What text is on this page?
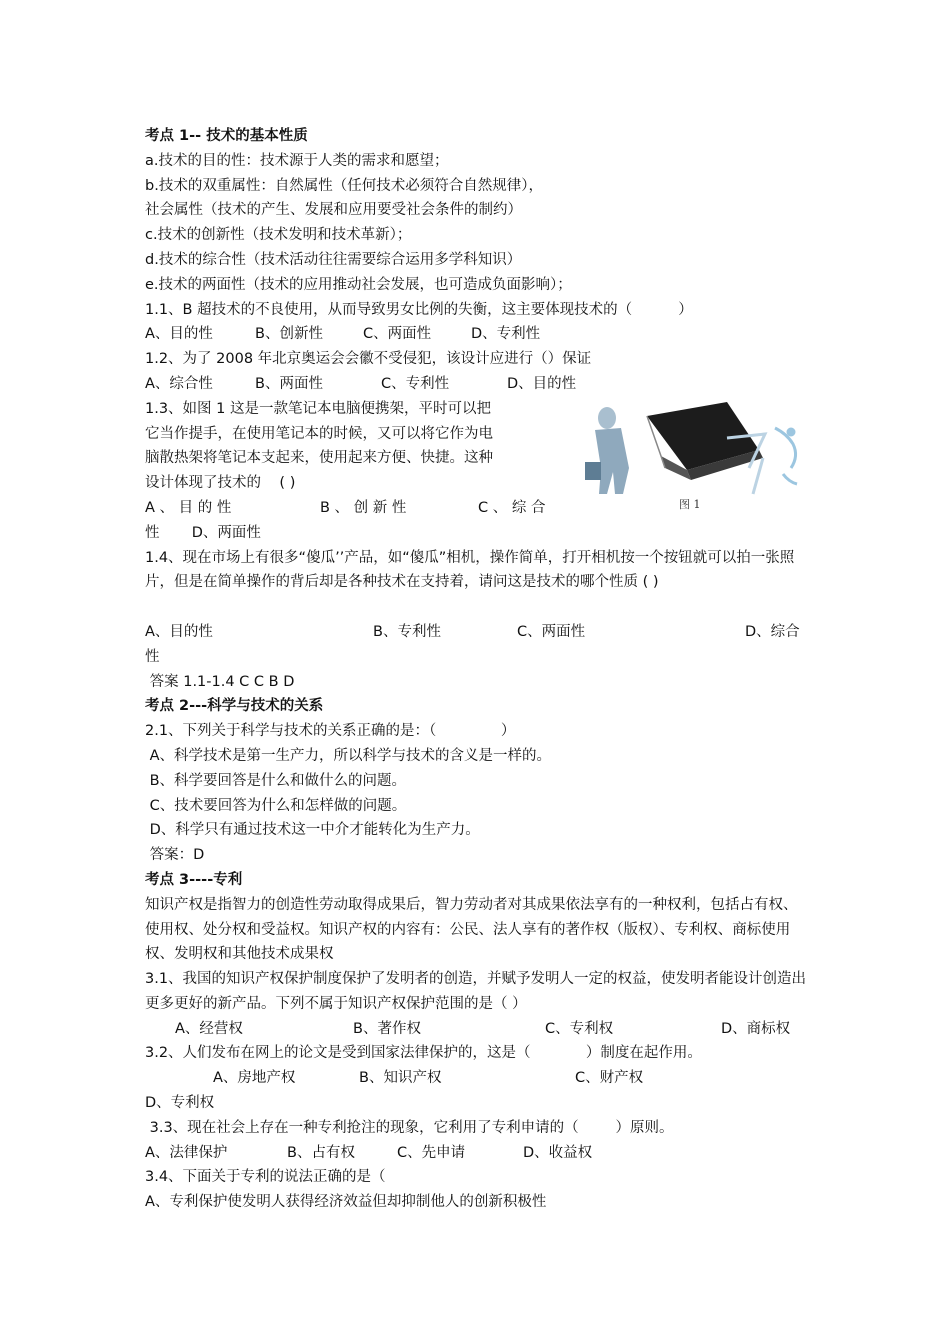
考点 1-- 技术的基本性质
a.技术的目的性：技术源于人类的需求和愿望；
b.技术的双重属性：自然属性（任何技术必须符合自然规律），
社会属性（技术的产生、发展和应用要受社会条件的制约）
c.技术的创新性（技术发明和技术革新）；
d.技术的综合性（技术活动往往需要综合运用多学科知识）
e.技术的两面性（技术的应用推动社会发展，也可造成负面影响）；
1.1、B 超技术的不良使用，从而导致男女比例的失衡，这主要体现技术的（          ）
A、目的性	B、创新性	C、两面性	D、专利性
1.2、为了 2008 年北京奥运会会徽不受侵犯，该设计应进行（）保证
A、综合性	B、两面性	C、专利性	D、目的性
1.3、如图 1 这是一款笔记本电脑便携架，平时可以把
它当作提手，在使用笔记本的时候，又可以将它作为电
脑散热架将笔记本支起来，使用起来方便、快捷。这种
设计体现了技术的    ( )
A 、 目 的 性	B 、 创 新 性	C 、 综 合
性       D、两面性
1.4、现在市场上有很多“傻瓜’’产品，如“傻瓜”相机，操作简单，打开相机按一个按钮就可以拍一张照片，但是在简单操作的背后却是各种技术在支持着，请问这是技术的哪个性质 ( )
A、目的性	B、专利性	C、两面性	D、综合
性
答案 1.1-1.4 C C B D
考点 2---科学与技术的关系
2.1、下列关于科学与技术的关系正确的是：（              ）
A、科学技术是第一生产力，所以科学与技术的含义是一样的。
B、科学要回答是什么和做什么的问题。
C、技术要回答为什么和怎样做的问题。
D、科学只有通过技术这一中介才能转化为生产力。
答案：D
考点 3----专利
知识产权是指智力的创造性劳动取得成果后，智力劳动者对其成果依法享有的一种权利，包括占有权、使用权、处分权和受益权。知识产权的内容有：公民、法人享有的著作权（版权）、专利权、商标使用权、发明权和其他技术成果权
3.1、我国的知识产权保护制度保护了发明者的创造，并赋予发明人一定的权益，使发明者能设计创造出更多更好的新产品。下列不属于知识产权保护范围的是（ ）
A、经营权	B、著作权	C、专利权	D、商标权
3.2、人们发布在网上的论文是受到国家法律保护的，这是（            ）制度在起作用。
A、房地产权	B、知识产权	C、财产权
D、专利权
3.3、现在社会上存在一种专利抢注的现象，它利用了专利申请的（        ）原则。
A、法律保护	B、占有权	C、先申请	D、收益权
3.4、下面关于专利的说法正确的是（
A、专利保护使发明人获得经济效益但却抑制他人的创新积极性
图 1
